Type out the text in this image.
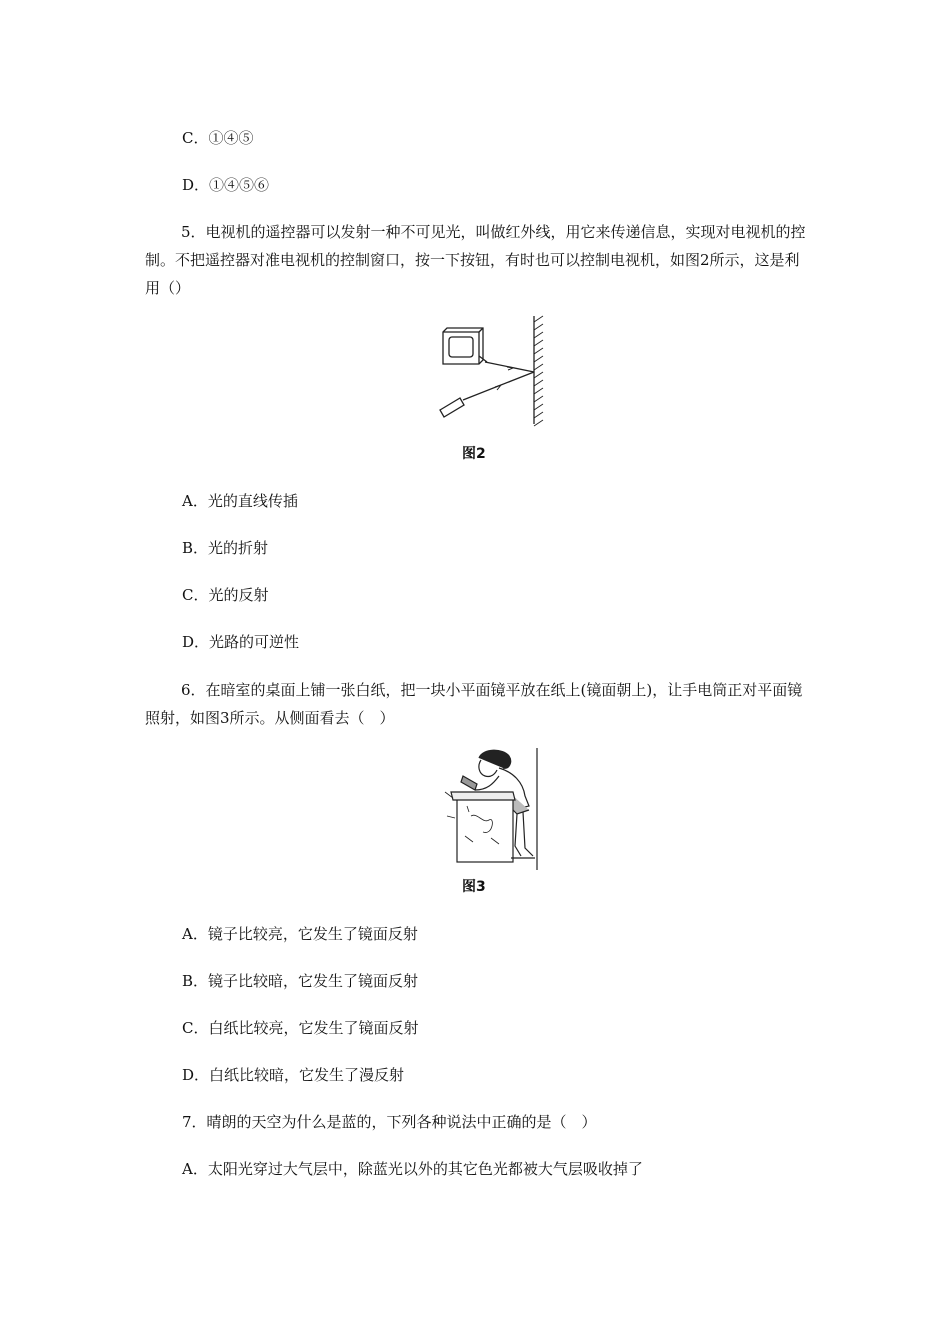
C．①④⑤
D．①④⑤⑥
5．电视机的遥控器可以发射一种不可见光，叫做红外线，用它来传递信息，实现对电视机的控制。不把遥控器对准电视机的控制窗口，按一下按钮，有时也可以控制电视机，如图2所示，这是利用（）
图2
A．光的直线传插
B．光的折射
C．光的反射
D．光路的可逆性
6．在暗室的桌面上铺一张白纸，把一块小平面镜平放在纸上(镜面朝上)，让手电筒正对平面镜照射，如图3所示。从侧面看去（　）
图3
A．镜子比较亮，它发生了镜面反射
B．镜子比较暗，它发生了镜面反射
C．白纸比较亮，它发生了镜面反射
D．白纸比较暗，它发生了漫反射
7．晴朗的天空为什么是蓝的，下列各种说法中正确的是（　）
A．太阳光穿过大气层中，除蓝光以外的其它色光都被大气层吸收掉了
